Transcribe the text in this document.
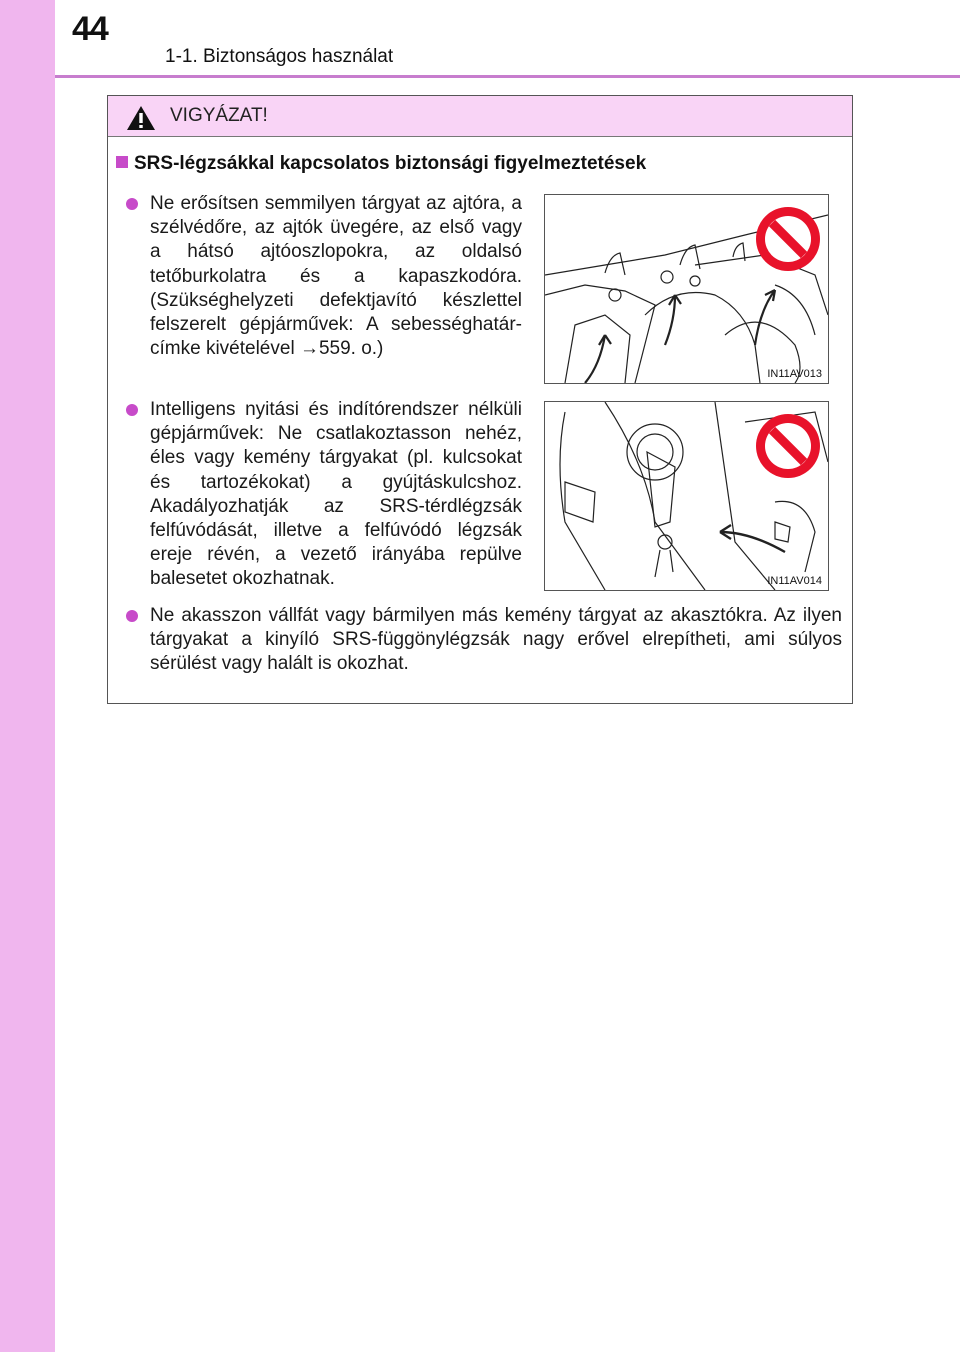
44
1-1. Biztonságos használat
VIGYÁZAT!
SRS-légzsákkal kapcsolatos biztonsági figyelmeztetések
Ne erősítsen semmilyen tárgyat az ajtóra, a szélvédőre, az ajtók üvegére, az első vagy a hátsó ajtóoszlopokra, az oldalsó tetőburkolatra és a kapaszkodóra. (Szükséghelyzeti defektjavító készlettel felszerelt gépjárművek: A sebességhatár-címke kivételével →559. o.)
IN11AV013
Intelligens nyitási és indítórendszer nélküli gépjárművek: Ne csatlakoztasson nehéz, éles vagy kemény tárgyakat (pl. kulcsokat és tartozékokat) a gyújtáskulcshoz. Akadályozhatják az SRS-térdlégzsák felfúvódását, illetve a felfúvódó légzsák ereje révén, a vezető irányába repülve balesetet okozhatnak.	IN11AV014
Ne akasszon vállfát vagy bármilyen más kemény tárgyat az akasztókra. Az ilyen tárgyakat a kinyíló SRS-függönylégzsák nagy erővel elrepítheti, ami súlyos sérülést vagy halált is okozhat.
